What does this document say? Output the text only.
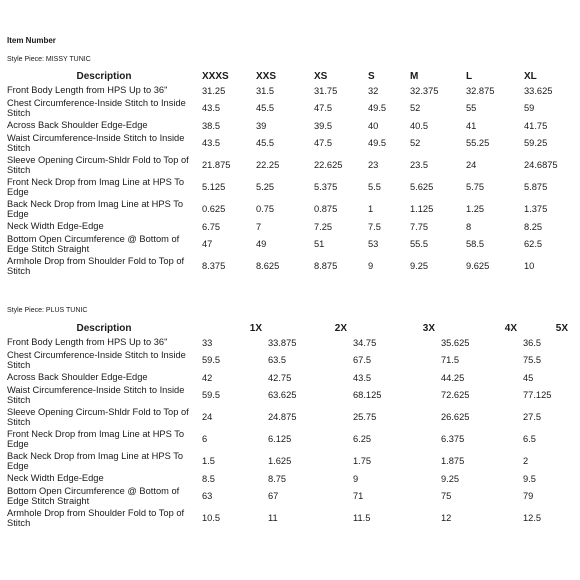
Item Number
Style Piece: MISSY TUNIC
Style Piece: PLUS TUNIC
Description	XXXS	XXS	XS	S	M	L	XL
Front Body Length from HPS Up to 36"	31.25	31.5	31.75	32	32.375	32.875	33.625
Chest Circumference-Inside Stitch to Inside Stitch	43.5	45.5	47.5	49.5	52	55	59
Across Back Shoulder Edge-Edge	38.5	39	39.5	40	40.5	41	41.75
Waist Circumference-Inside Stitch to Inside Stitch	43.5	45.5	47.5	49.5	52	55.25	59.25
Sleeve Opening Circum-Shldr Fold to Top of Stitch	21.875	22.25	22.625	23	23.5	24	24.6875
Front Neck Drop from Imag Line at HPS To Edge	5.125	5.25	5.375	5.5	5.625	5.75	5.875
Back Neck Drop from Imag Line at HPS To Edge	0.625	0.75	0.875	1	1.125	1.25	1.375
Neck Width Edge-Edge	6.75	7	7.25	7.5	7.75	8	8.25
Bottom Open Circumference @ Bottom of Edge Stitch Straight	47	49	51	53	55.5	58.5	62.5
Armhole Drop from Shoulder Fold to Top of Stitch	8.375	8.625	8.875	9	9.25	9.625	10
Description	1X	2X	3X	4X	5X
Front Body Length from HPS Up to 36"	33	33.875	34.75	35.625	36.5
Chest Circumference-Inside Stitch to Inside Stitch	59.5	63.5	67.5	71.5	75.5
Across Back Shoulder Edge-Edge	42	42.75	43.5	44.25	45
Waist Circumference-Inside Stitch to Inside Stitch	59.5	63.625	68.125	72.625	77.125
Sleeve Opening Circum-Shldr Fold to Top of Stitch	24	24.875	25.75	26.625	27.5
Front Neck Drop from Imag Line at HPS To Edge	6	6.125	6.25	6.375	6.5
Back Neck Drop from Imag Line at HPS To Edge	1.5	1.625	1.75	1.875	2
Neck Width Edge-Edge	8.5	8.75	9	9.25	9.5
Bottom Open Circumference @ Bottom of Edge Stitch Straight	63	67	71	75	79
Armhole Drop from Shoulder Fold to Top of Stitch	10.5	11	11.5	12	12.5
